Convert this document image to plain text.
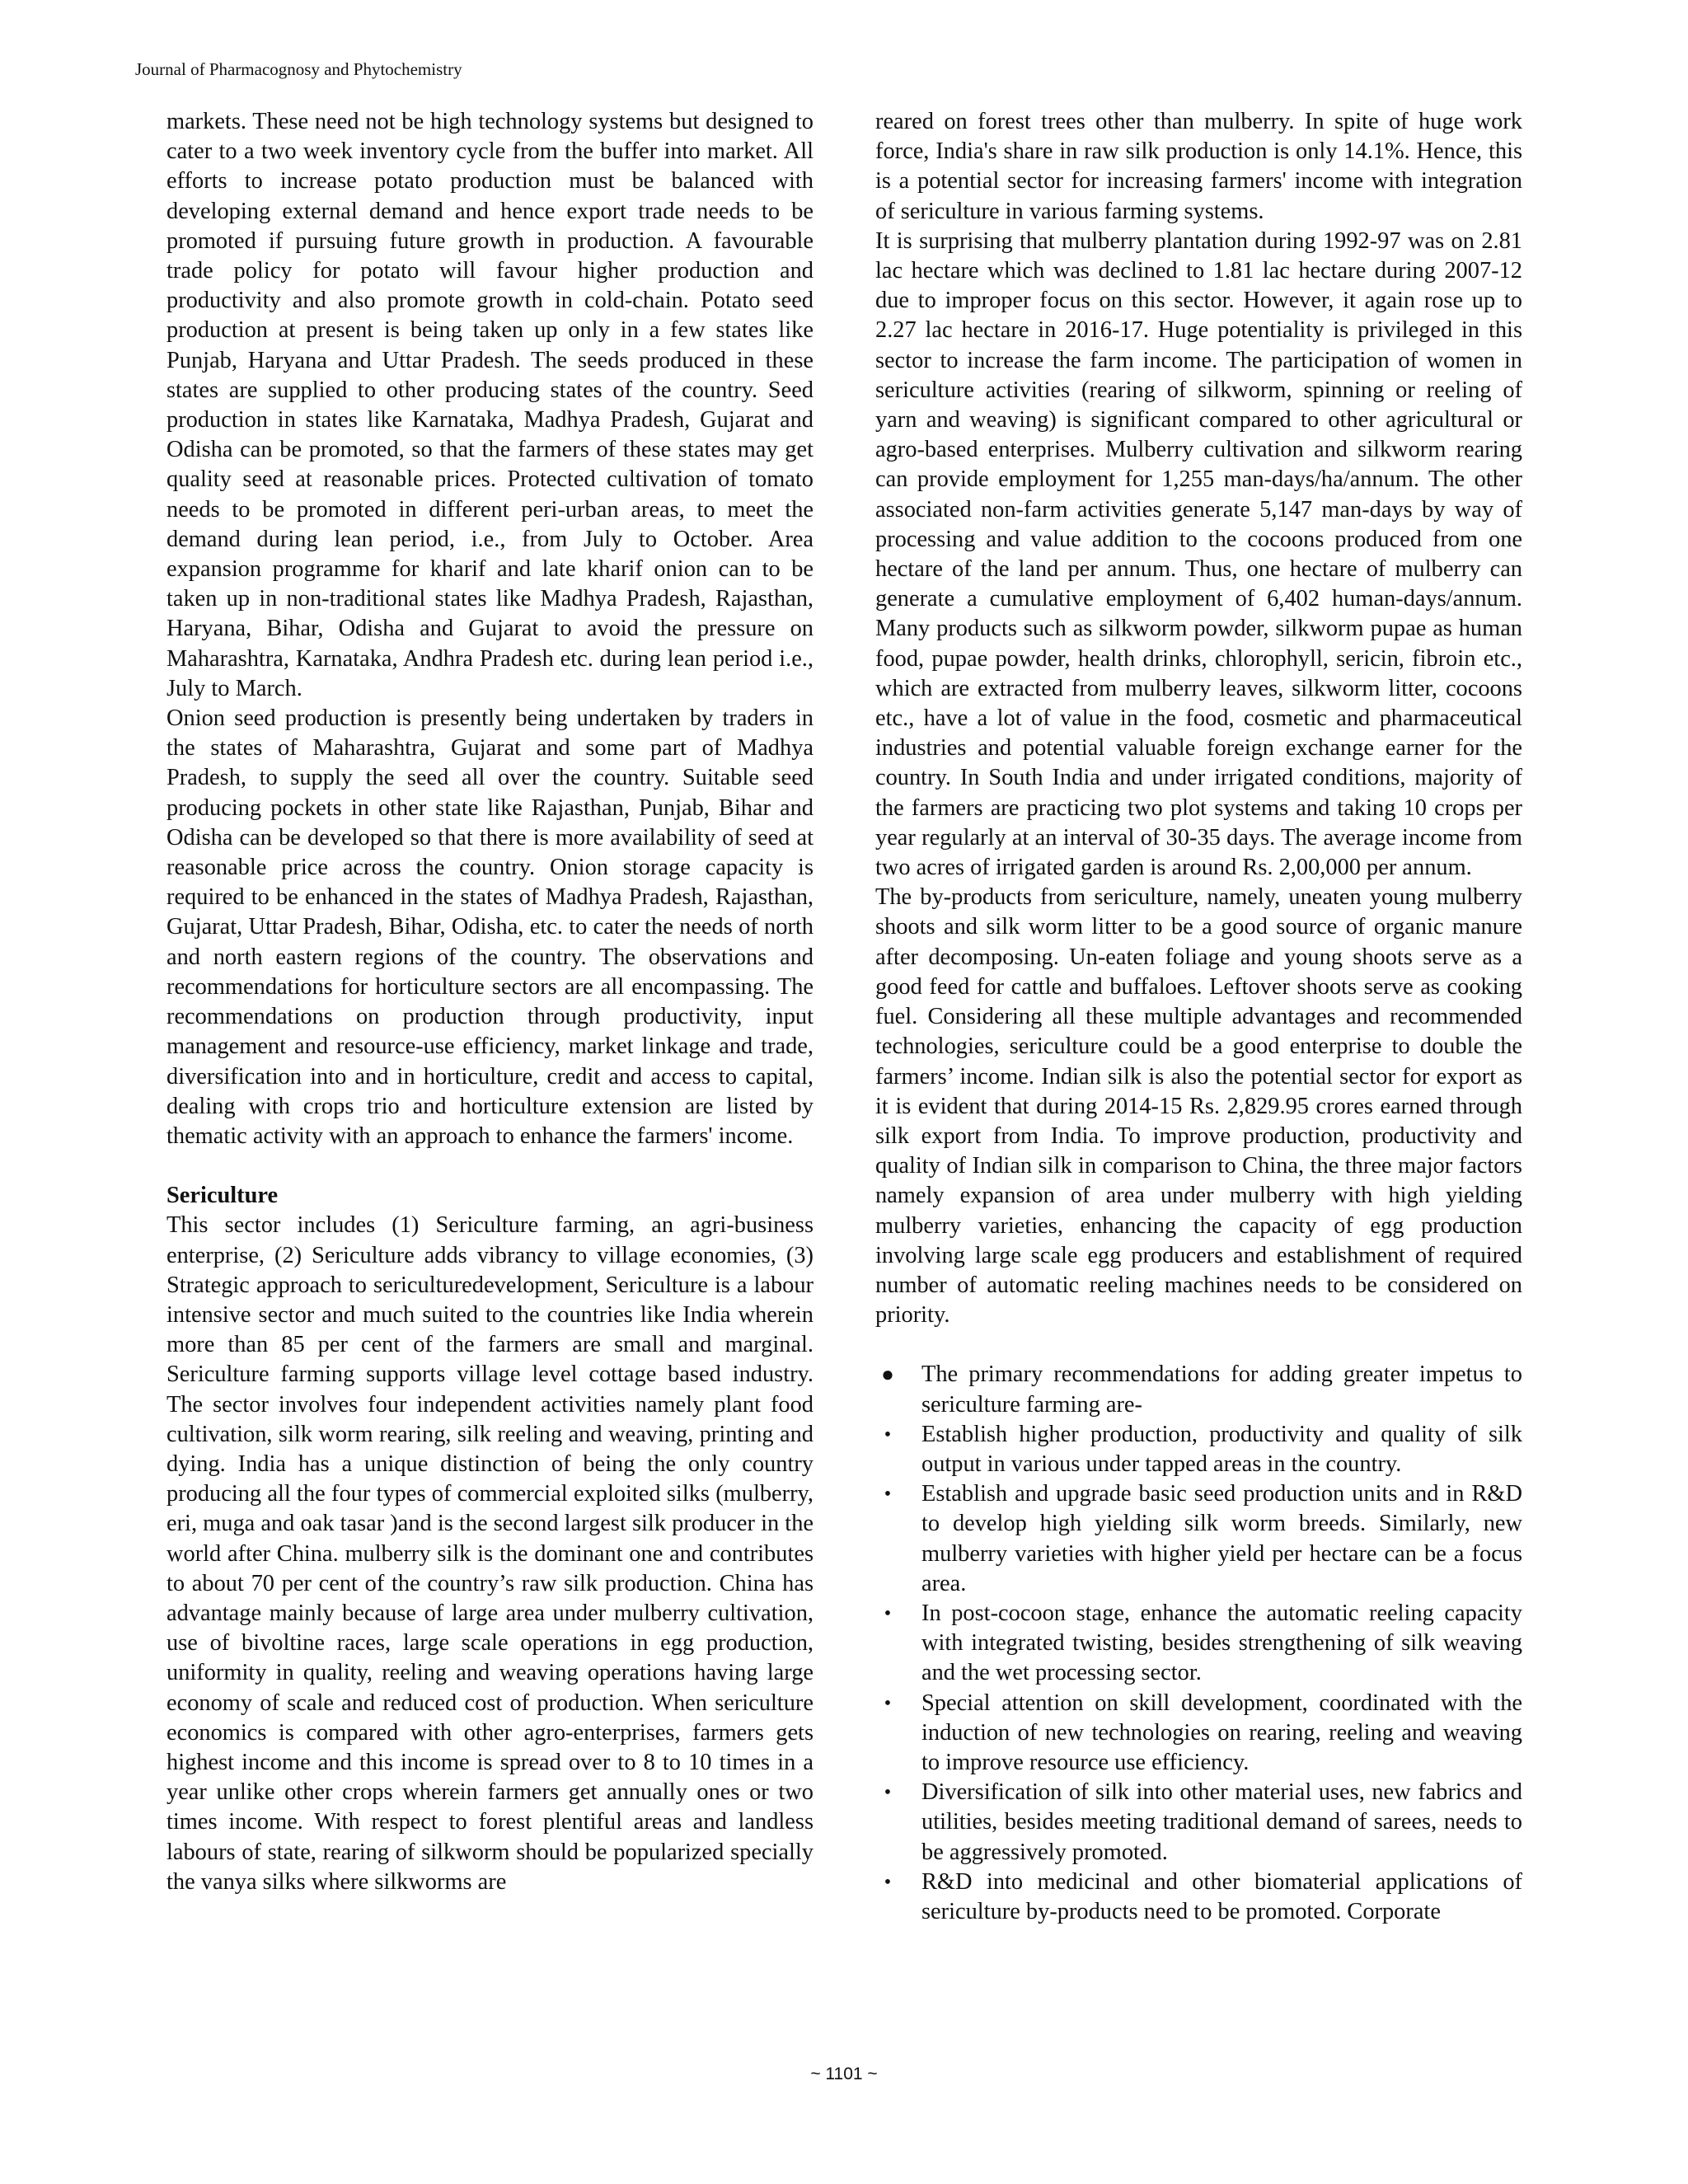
Journal of Pharmacognosy and Phytochemistry

markets. These need not be high technology systems but designed to cater to a two week inventory cycle from the buffer into market. All efforts to increase potato production must be balanced with developing external demand and hence export trade needs to be promoted if pursuing future growth in production. A favourable trade policy for potato will favour higher production and productivity and also promote growth in cold-chain. Potato seed production at present is being taken up only in a few states like Punjab, Haryana and Uttar Pradesh. The seeds produced in these states are supplied to other producing states of the country. Seed production in states like Karnataka, Madhya Pradesh, Gujarat and Odisha can be promoted, so that the farmers of these states may get quality seed at reasonable prices. Protected cultivation of tomato needs to be promoted in different peri-urban areas, to meet the demand during lean period, i.e., from July to October. Area expansion programme for kharif and late kharif onion can to be taken up in non-traditional states like Madhya Pradesh, Rajasthan, Haryana, Bihar, Odisha and Gujarat to avoid the pressure on Maharashtra, Karnataka, Andhra Pradesh etc. during lean period i.e., July to March.

Onion seed production is presently being undertaken by traders in the states of Maharashtra, Gujarat and some part of Madhya Pradesh, to supply the seed all over the country. Suitable seed producing pockets in other state like Rajasthan, Punjab, Bihar and Odisha can be developed so that there is more availability of seed at reasonable price across the country. Onion storage capacity is required to be enhanced in the states of Madhya Pradesh, Rajasthan, Gujarat, Uttar Pradesh, Bihar, Odisha, etc. to cater the needs of north and north eastern regions of the country. The observations and recommendations for horticulture sectors are all encompassing. The recommendations on production through productivity, input management and resource-use efficiency, market linkage and trade, diversification into and in horticulture, credit and access to capital, dealing with crops trio and horticulture extension are listed by thematic activity with an approach to enhance the farmers' income.

Sericulture

This sector includes (1) Sericulture farming, an agri-business enterprise, (2) Sericulture adds vibrancy to village economies, (3) Strategic approach to sericulturedevelopment, Sericulture is a labour intensive sector and much suited to the countries like India wherein more than 85 per cent of the farmers are small and marginal. Sericulture farming supports village level cottage based industry. The sector involves four independent activities namely plant food cultivation, silk worm rearing, silk reeling and weaving, printing and dying. India has a unique distinction of being the only country producing all the four types of commercial exploited silks (mulberry, eri, muga and oak tasar )and is the second largest silk producer in the world after China. mulberry silk is the dominant one and contributes to about 70 per cent of the country’s raw silk production. China has advantage mainly because of large area under mulberry cultivation, use of bivoltine races, large scale operations in egg production, uniformity in quality, reeling and weaving operations having large economy of scale and reduced cost of production. When sericulture economics is compared with other agro-enterprises, farmers gets highest income and this income is spread over to 8 to 10 times in a year unlike other crops wherein farmers get annually ones or two times income. With respect to forest plentiful areas and landless labours of state, rearing of silkworm should be popularized specially the vanya silks where silkworms are

reared on forest trees other than mulberry. In spite of huge work force, India's share in raw silk production is only 14.1%. Hence, this is a potential sector for increasing farmers' income with integration of sericulture in various farming systems.

It is surprising that mulberry plantation during 1992-97 was on 2.81 lac hectare which was declined to 1.81 lac hectare during 2007-12 due to improper focus on this sector. However, it again rose up to 2.27 lac hectare in 2016-17. Huge potentiality is privileged in this sector to increase the farm income. The participation of women in sericulture activities (rearing of silkworm, spinning or reeling of yarn and weaving) is significant compared to other agricultural or agro-based enterprises. Mulberry cultivation and silkworm rearing can provide employment for 1,255 man-days/ha/annum. The other associated non-farm activities generate 5,147 man-days by way of processing and value addition to the cocoons produced from one hectare of the land per annum. Thus, one hectare of mulberry can generate a cumulative employment of 6,402 human-days/annum. Many products such as silkworm powder, silkworm pupae as human food, pupae powder, health drinks, chlorophyll, sericin, fibroin etc., which are extracted from mulberry leaves, silkworm litter, cocoons etc., have a lot of value in the food, cosmetic and pharmaceutical industries and potential valuable foreign exchange earner for the country. In South India and under irrigated conditions, majority of the farmers are practicing two plot systems and taking 10 crops per year regularly at an interval of 30-35 days. The average income from two acres of irrigated garden is around Rs. 2,00,000 per annum.

The by-products from sericulture, namely, uneaten young mulberry shoots and silk worm litter to be a good source of organic manure after decomposing. Un-eaten foliage and young shoots serve as a good feed for cattle and buffaloes. Leftover shoots serve as cooking fuel. Considering all these multiple advantages and recommended technologies, sericulture could be a good enterprise to double the farmers’ income. Indian silk is also the potential sector for export as it is evident that during 2014-15 Rs. 2,829.95 crores earned through silk export from India. To improve production, productivity and quality of Indian silk in comparison to China, the three major factors namely expansion of area under mulberry with high yielding mulberry varieties, enhancing the capacity of egg production involving large scale egg producers and establishment of required number of automatic reeling machines needs to be considered on priority.

● The primary recommendations for adding greater impetus to sericulture farming are-
•	Establish higher production, productivity and quality of silk output in various under tapped areas in the country.
•	Establish and upgrade basic seed production units and in R&D to develop high yielding silk worm breeds. Similarly, new mulberry varieties with higher yield per hectare can be a focus area.
•	In post-cocoon stage, enhance the automatic reeling capacity with integrated twisting, besides strengthening of silk weaving and the wet processing sector.
•	Special attention on skill development, coordinated with the induction of new technologies on rearing, reeling and weaving to improve resource use efficiency.
•	Diversification of silk into other material uses, new fabrics and utilities, besides meeting traditional demand of sarees, needs to be aggressively promoted.
•	R&D into medicinal and other biomaterial applications of sericulture by-products need to be promoted. Corporate
~ 1101 ~
